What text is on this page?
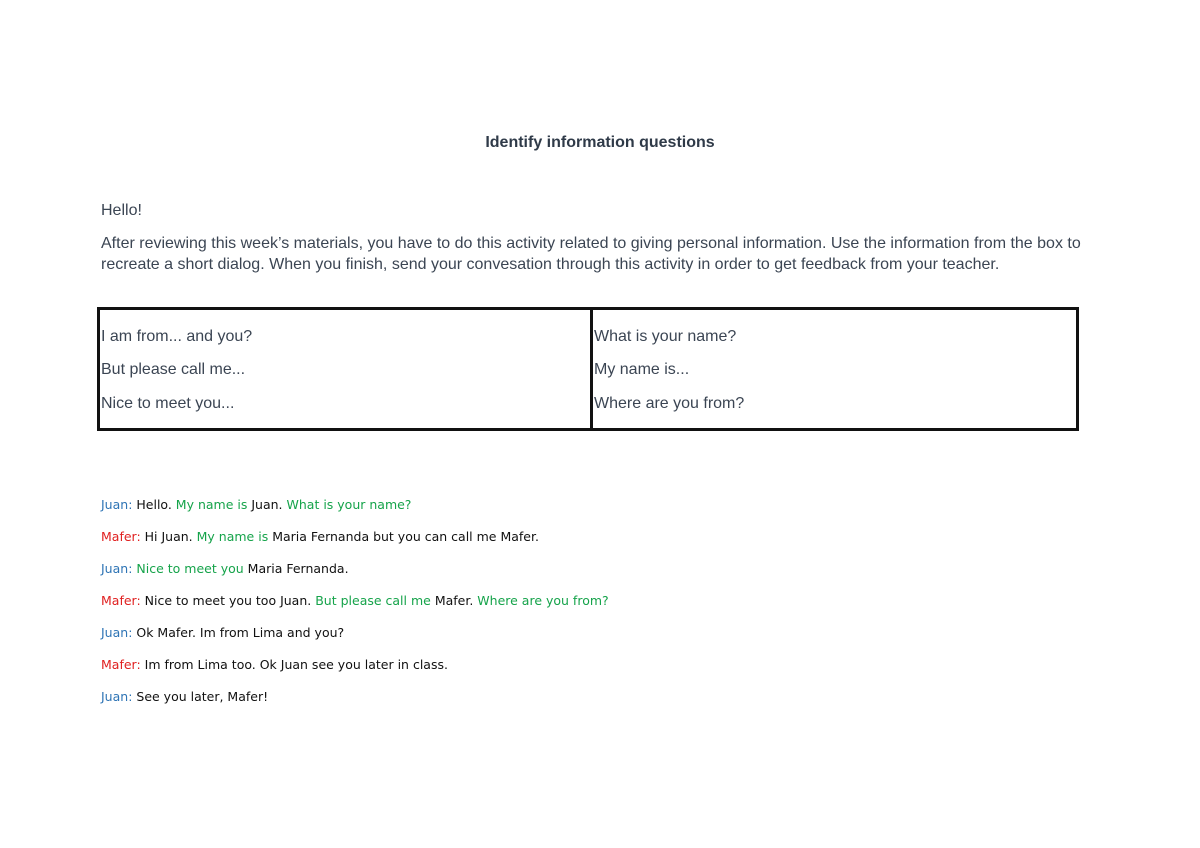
Identify information questions
Hello!
After reviewing this week’s materials, you have to do this activity related to giving personal information. Use the information from the box to recreate a short dialog. When you finish, send your convesation through this activity in order to get feedback from your teacher.
I am from... and you?
But please call me...
Nice to meet you...
What is your name?
My name is...
Where are you from?
Juan: Hello. My name is Juan. What is your name?
Mafer: Hi Juan. My name is Maria Fernanda but you can call me Mafer.
Juan: Nice to meet you Maria Fernanda.
Mafer: Nice to meet you too Juan. But please call me Mafer. Where are you from?
Juan: Ok Mafer. Im from Lima and you?
Mafer: Im from Lima too. Ok Juan see you later in class.
Juan: See you later, Mafer!
